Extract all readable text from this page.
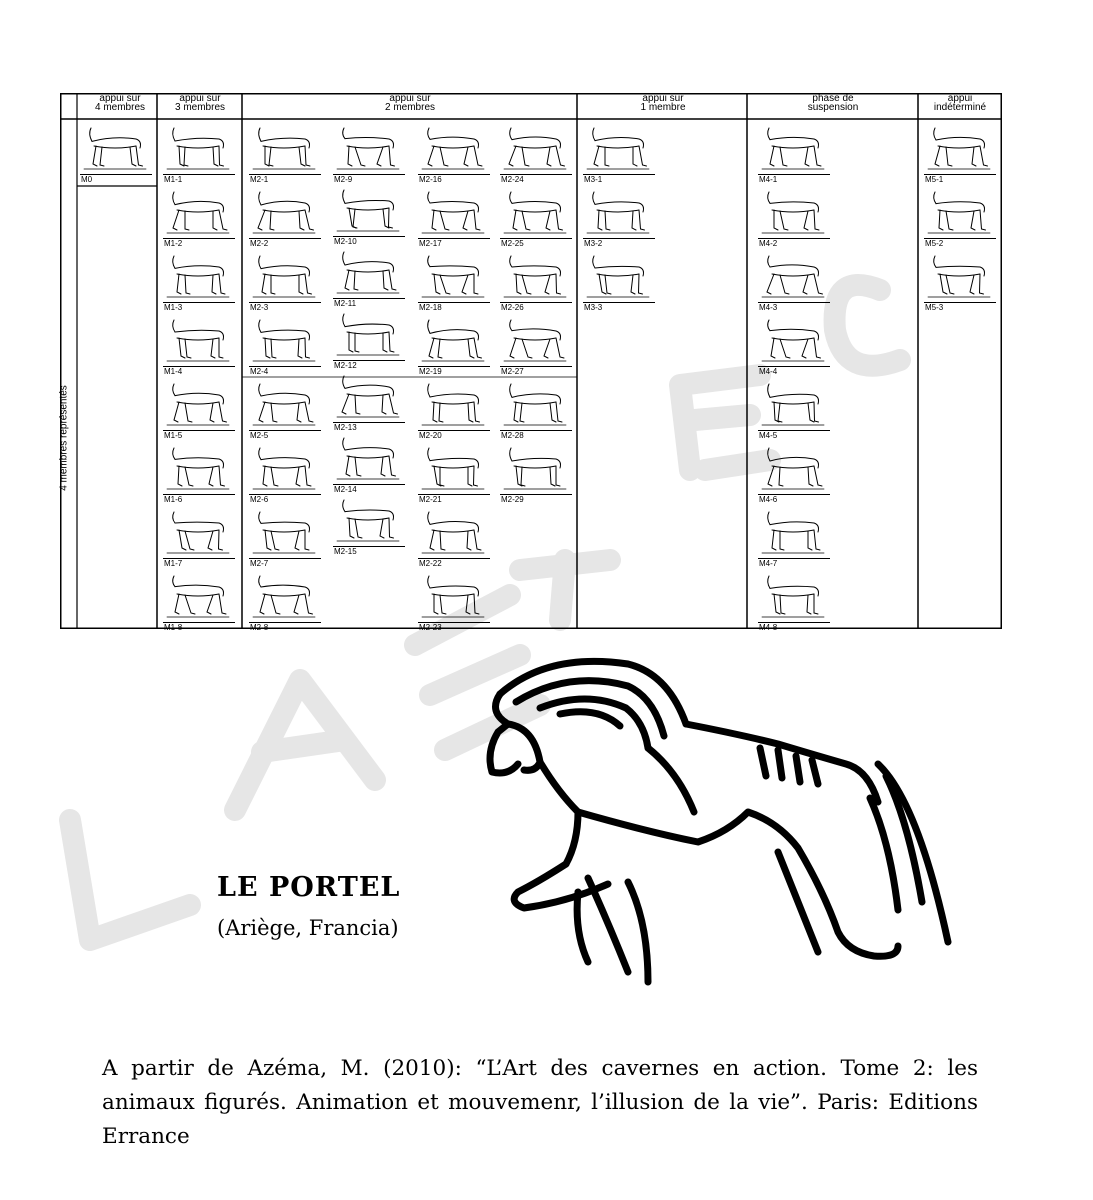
4 membres représentés
appui sur
4 membres
appui sur
3 membres
appui sur
2 membres
appui sur
1 membre
phase de
suspension
appui
indéterminé
M0	M1-1
M1-2
M1-3
M1-4
M1-5
M1-6
M1-7
M1-8
M2-1
M2-2
M2-3
M2-4
M2-5
M2-6
M2-7
M2-8
M2-9
M2-10
M2-11
M2-12
M2-13
M2-14
M2-15
M2-16
M2-17
M2-18
M2-19
M2-20
M2-21
M2-22
M2-23
M2-24
M2-25
M2-26
M2-27
M2-28
M2-29
M3-1
M3-2
M3-3
M4-1
M4-2
M4-3
M4-4
M4-5
M4-6
M4-7
M4-8
M5-1
M5-2
M5-3
LE PORTEL
(Ariège, Francia)
A partir de Azéma, M. (2010): “L’Art des cavernes en action. Tome 2: les animaux figurés. Animation et mouvemenr, l’illusion de la vie”. Paris: Editions Errance
